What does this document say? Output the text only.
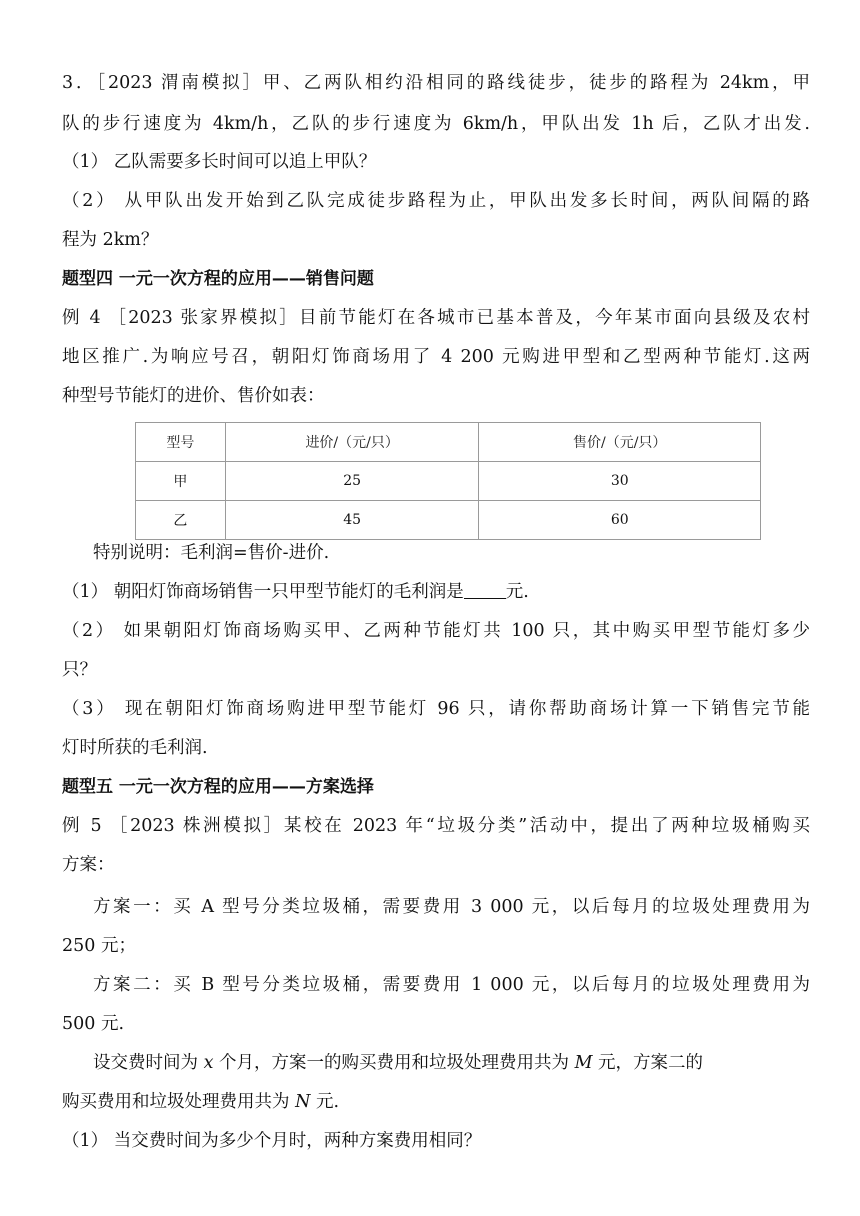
3．［2023 渭南模拟］甲、乙两队相约沿相同的路线徒步，徒步的路程为 24km，甲
队的步行速度为 4km/h，乙队的步行速度为 6km/h，甲队出发 1h 后，乙队才出发.
（1） 乙队需要多长时间可以追上甲队？
（2） 从甲队出发开始到乙队完成徒步路程为止，甲队出发多长时间，两队间隔的路
程为 2km？
题型四 一元一次方程的应用——销售问题
例 4 ［2023 张家界模拟］目前节能灯在各城市已基本普及，今年某市面向县级及农村
地区推广.为响应号召，朝阳灯饰商场用了 4 200 元购进甲型和乙型两种节能灯.这两
种型号节能灯的进价、售价如表：
型号	进价/（元/只）	售价/（元/只）
甲	25	30
乙	45	60
特别说明：毛利润=售价-进价.
（1） 朝阳灯饰商场销售一只甲型节能灯的毛利润是 元.
（2） 如果朝阳灯饰商场购买甲、乙两种节能灯共 100 只，其中购买甲型节能灯多少
只？
（3） 现在朝阳灯饰商场购进甲型节能灯 96 只，请你帮助商场计算一下销售完节能
灯时所获的毛利润.
题型五 一元一次方程的应用——方案选择
例 5 ［2023 株洲模拟］某校在 2023 年“垃圾分类”活动中，提出了两种垃圾桶购买
方案：
方案一：买 A 型号分类垃圾桶，需要费用 3 000 元，以后每月的垃圾处理费用为
250 元；
方案二：买 B 型号分类垃圾桶，需要费用 1 000 元，以后每月的垃圾处理费用为
500 元.
设交费时间为 x 个月，方案一的购买费用和垃圾处理费用共为 M 元，方案二的
购买费用和垃圾处理费用共为 N 元.
（1） 当交费时间为多少个月时，两种方案费用相同？
